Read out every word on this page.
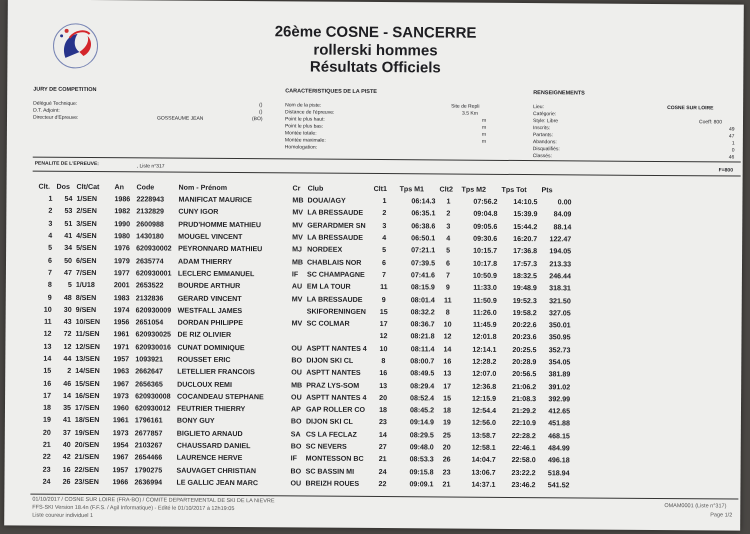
26ème COSNE - SANCERRE
rollerski hommes
Résultats Officiels
JURY DE COMPETITION
Délégué Technique:	()
D.T. Adjoint:	()
Directeur d'Epreuve:	GOSSEAUME JEAN	(BO)
CARACTERISTIQUES DE LA PISTE
Nom de la piste:	Site de Repli
Distance de l'épreuve:	3.5 Km
Point le plus haut:	m
Point le plus bas:	m
Montée totale:	m
Montée maximale:	m
Homologation:
RENSEIGNEMENTS
Lieu:	COSNE SUR LOIRE
Catégorie:
Style: Libre	Coeff: 800
Inscrits:	49
Partants:	47
Abandons:	1
Disqualifiés:	0
Classés:	46
PENALITE DE L'EPREUVE:	, Liste n°317
F=800
Clt.	Dos	Clt/Cat	An	Code	Nom - Prénom	Cr	Club	Clt1	Tps M1	Clt2	Tps M2	Tps Tot	Pts
1	54	1/SEN	1986	2228943	MANIFICAT MAURICE	MB	DOUA/AGY	1	06:14.3	1	07:56.2	14:10.5	0.00
2	53	2/SEN	1982	2132829	CUNY IGOR	MV	LA BRESSAUDE	2	06:35.1	2	09:04.8	15:39.9	84.09
3	51	3/SEN	1990	2600988	PRUD'HOMME MATHIEU	MV	GERARDMER SN	3	06:38.6	3	09:05.6	15:44.2	88.14
4	41	4/SEN	1980	1430180	MOUGEL VINCENT	MV	LA BRESSAUDE	4	06:50.1	4	09:30.6	16:20.7	122.47
5	34	5/SEN	1976	620930002	PEYRONNARD MATHIEU	MJ	NORDEEX	5	07:21.1	5	10:15.7	17:36.8	194.05
6	50	6/SEN	1979	2635774	ADAM THIERRY	MB	CHABLAIS NOR	6	07:39.5	6	10:17.8	17:57.3	213.33
7	47	7/SEN	1977	620930001	LECLERC EMMANUEL	IF	SC CHAMPAGNE	7	07:41.6	7	10:50.9	18:32.5	246.44
8	5	1/U18	2001	2653522	BOURDE ARTHUR	AU	EM LA TOUR	11	08:15.9	9	11:33.0	19:48.9	318.31
9	48	8/SEN	1983	2132836	GERARD VINCENT	MV	LA BRESSAUDE	9	08:01.4	11	11:50.9	19:52.3	321.50
10	30	9/SEN	1974	620930009	WESTFALL JAMES		SKIFORENINGEN	15	08:32.2	8	11:26.0	19:58.2	327.05
11	43	10/SEN	1956	2651054	DORDAN PHILIPPE	MV	SC COLMAR	17	08:36.7	10	11:45.9	20:22.6	350.01
12	72	11/SEN	1961	620930025	DE RIZ OLIVIER			12	08:21.8	12	12:01.8	20:23.6	350.95
13	12	12/SEN	1971	620930016	CUNAT DOMINIQUE	OU	ASPTT NANTES 4	10	08:11.4	14	12:14.1	20:25.5	352.73
14	44	13/SEN	1957	1093921	ROUSSET ERIC	BO	DIJON SKI CL	8	08:00.7	16	12:28.2	20:28.9	354.05
15	2	14/SEN	1963	2662647	LETELLIER FRANCOIS	OU	ASPTT NANTES	16	08:49.5	13	12:07.0	20:56.5	381.89
16	46	15/SEN	1967	2656365	DUCLOUX REMI	MB	PRAZ LYS-SOM	13	08:29.4	17	12:36.8	21:06.2	391.02
17	14	16/SEN	1973	620930008	COCANDEAU STEPHANE	OU	ASPTT NANTES 4	20	08:52.4	15	12:15.9	21:08.3	392.99
18	35	17/SEN	1960	620930012	FEUTRIER THIERRY	AP	GAP ROLLER CO	18	08:45.2	18	12:54.4	21:29.2	412.65
19	41	18/SEN	1961	1796161	BONY GUY	BO	DIJON SKI CL	23	09:14.9	19	12:56.0	22:10.9	451.88
20	37	19/SEN	1973	2677857	BIGLIETO ARNAUD	SA	CS LA FECLAZ	14	08:29.5	25	13:58.7	22:28.2	468.15
21	40	20/SEN	1954	2103267	CHAUSSARD DANIEL	BO	SC NEVERS	27	09:48.0	20	12:58.1	22:46.1	484.99
22	42	21/SEN	1967	2654466	LAURENCE HERVE	IF	MONTESSON BC	21	08:53.3	26	14:04.7	22:58.0	496.18
23	16	22/SEN	1957	1790275	SAUVAGET CHRISTIAN	BO	SC BASSIN MI	24	09:15.8	23	13:06.7	23:22.2	518.94
24	26	23/SEN	1966	2636994	LE GALLIC JEAN MARC	OU	BREIZH ROUES	22	09:09.1	21	14:37.1	23:46.2	541.52
01/10/2017 / COSNE SUR LOIRE (FRA-BO) / COMITE DEPARTEMENTAL DE SKI DE LA NIEVRE
FFS-SKI Version 18.4n (F.F.S. / Agil Informatique) - Edité le 01/10/2017 à 12h19:05
Liste coureur individuel 1
OMAM0001 (Liste n°317)
Page 1/2
